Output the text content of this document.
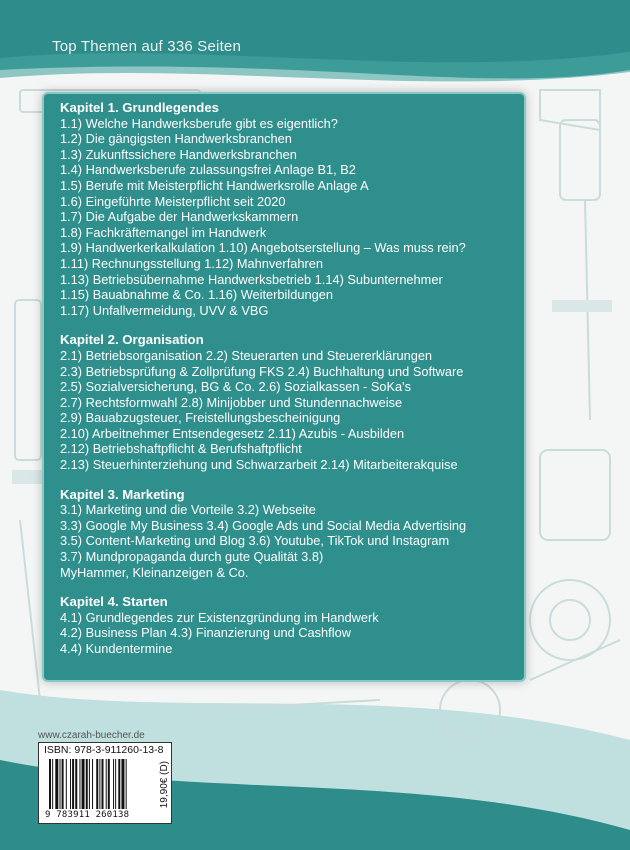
Top Themen auf 336 Seiten
Kapitel 1. Grundlegendes
1.1) Welche Handwerksberufe gibt es eigentlich?
1.2) Die gängigsten Handwerksbranchen
1.3) Zukunftssichere Handwerksbranchen
1.4) Handwerksberufe zulassungsfrei Anlage B1, B2
1.5) Berufe mit Meisterpflicht Handwerksrolle Anlage A
1.6) Eingeführte Meisterpflicht seit 2020
1.7) Die Aufgabe der Handwerkskammern
1.8) Fachkräftemangel im Handwerk
1.9) Handwerkerkalkulation 1.10) Angebotserstellung – Was muss rein?
1.11) Rechnungsstellung 1.12) Mahnverfahren
1.13) Betriebsübernahme Handwerksbetrieb 1.14) Subunternehmer
1.15) Bauabnahme & Co. 1.16) Weiterbildungen
1.17) Unfallvermeidung, UVV & VBG
Kapitel 2. Organisation
2.1) Betriebsorganisation 2.2) Steuerarten und Steuererklärungen
2.3) Betriebsprüfung & Zollprüfung FKS 2.4) Buchhaltung und Software
2.5) Sozialversicherung, BG & Co. 2.6) Sozialkassen - SoKa's
2.7) Rechtsformwahl 2.8) Minijobber und Stundennachweise
2.9) Bauabzugsteuer, Freistellungsbescheinigung
2.10) Arbeitnehmer Entsendegesetz 2.11) Azubis - Ausbilden
2.12) Betriebshaftpflicht & Berufshaftpflicht
2.13) Steuerhinterziehung und Schwarzarbeit 2.14) Mitarbeiterakquise
Kapitel 3. Marketing
3.1) Marketing und die Vorteile 3.2) Webseite
3.3) Google My Business 3.4) Google Ads und Social Media Advertising
3.5) Content-Marketing und Blog 3.6) Youtube, TikTok und Instagram
3.7) Mundpropaganda durch gute Qualität 3.8)
MyHammer, Kleinanzeigen & Co.
Kapitel 4. Starten
4.1) Grundlegendes zur Existenzgründung im Handwerk
4.2) Business Plan 4.3) Finanzierung und Cashflow
4.4) Kundentermine
www.czarah-buecher.de
ISBN: 978-3-911260-13-8
9 783911 260138
19,90€ (D)
